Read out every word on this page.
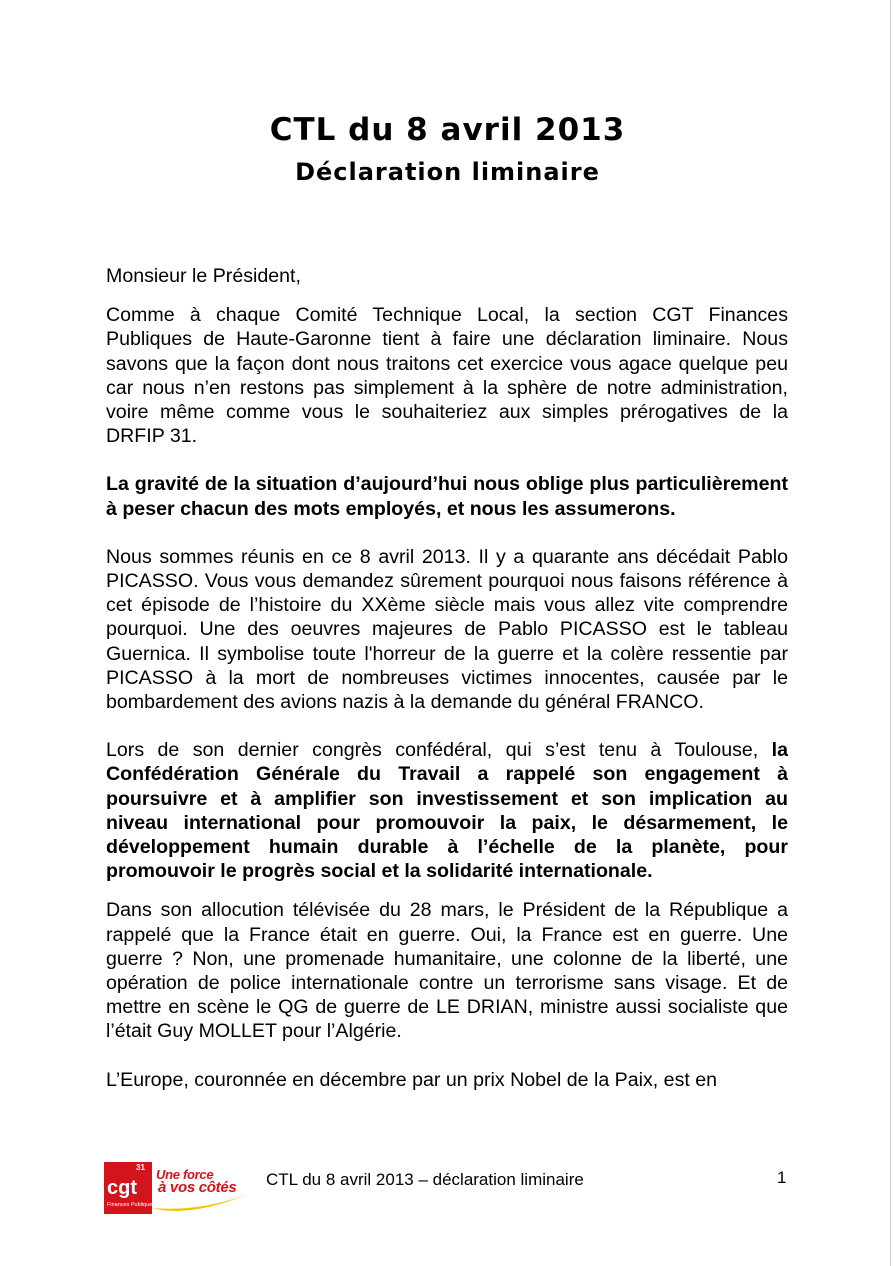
CTL du 8 avril 2013
Déclaration liminaire

Monsieur le Président,

Comme à chaque Comité Technique Local, la section CGT Finances Publiques de Haute-Garonne tient à faire une déclaration liminaire. Nous savons que la façon dont nous traitons cet exercice vous agace quelque peu car nous n’en restons pas simplement à la sphère de notre administration, voire même comme vous le souhaiteriez aux simples prérogatives de la DRFIP 31.

La gravité de la situation d’aujourd’hui nous oblige plus particulièrement à peser chacun des mots employés, et nous les assumerons.

Nous sommes réunis en ce 8 avril 2013. Il y a quarante ans décédait Pablo PICASSO. Vous vous demandez sûrement pourquoi nous faisons référence à cet épisode de l’histoire du XXème siècle mais vous allez vite comprendre pourquoi. Une des oeuvres majeures de Pablo PICASSO est le tableau Guernica. Il symbolise toute l'horreur de la guerre et la colère ressentie par PICASSO à la mort de nombreuses victimes innocentes, causée par le bombardement des avions nazis à la demande du général FRANCO.

Lors de son dernier congrès confédéral, qui s’est tenu à Toulouse, la Confédération Générale du Travail a rappelé son engagement à poursuivre et à amplifier son investissement et son implication au niveau international pour promouvoir la paix, le désarmement, le développement humain durable à l’échelle de la planète, pour promouvoir le progrès social et la solidarité internationale.

Dans son allocution télévisée du 28 mars, le Président de la République a rappelé que la France était en guerre. Oui, la France est en guerre. Une guerre ? Non, une promenade humanitaire, une colonne de la liberté, une opération de police internationale contre un terrorisme sans visage. Et de mettre en scène le QG de guerre de LE DRIAN, ministre aussi socialiste que l’était Guy MOLLET pour l’Algérie.

L’Europe, couronnée en décembre par un prix Nobel de la Paix, est en

31
cgt
Finances Publiques
Une force
à vos côtés CTL du 8 avril 2013 – déclaration liminaire	1
